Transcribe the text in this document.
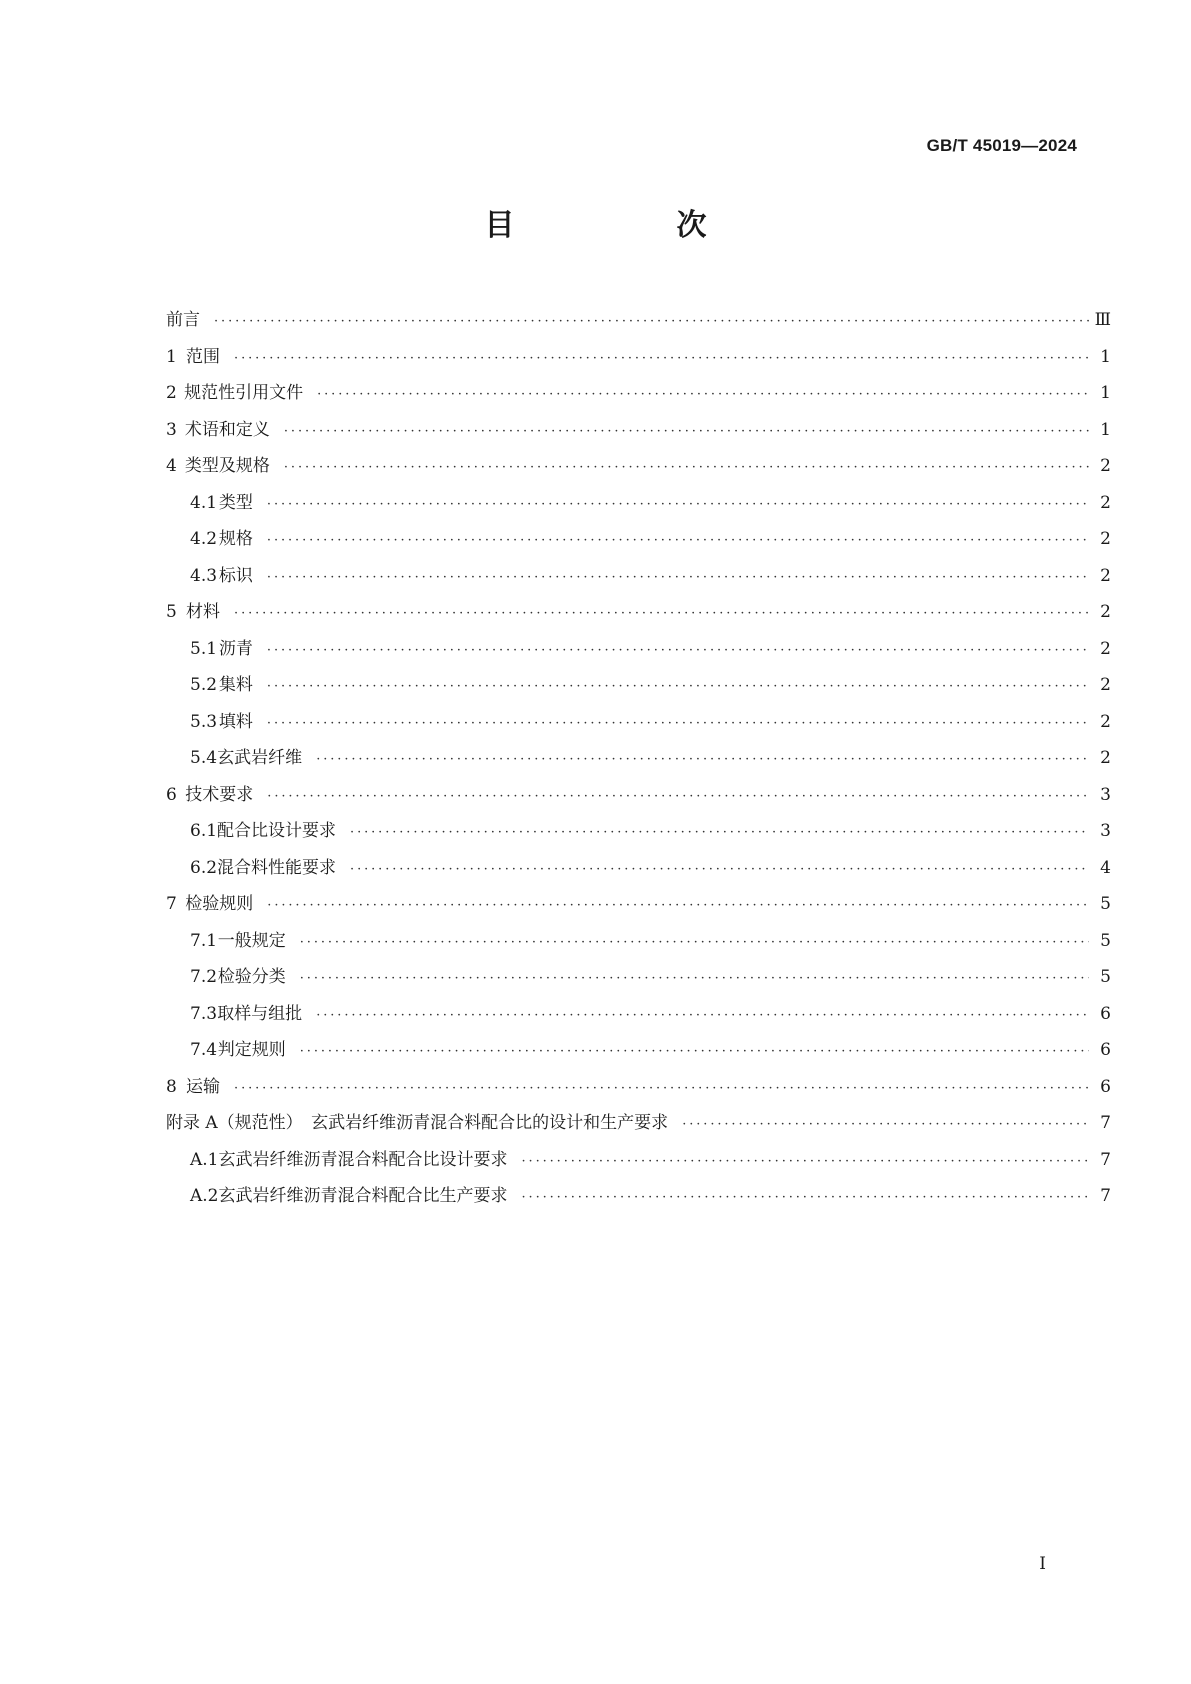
GB/T 45019—2024
目　次
前言 ·····	Ⅲ
1 范围 ·····	1
2 规范性引用文件 ·····	1
3 术语和定义 ·····	1
4 类型及规格 ·····	2
4.1 类型 ·····	2
4.2 规格 ·····	2
4.3 标识 ·····	2
5 材料 ·····	2
5.1 沥青 ·····	2
5.2 集料 ·····	2
5.3 填料 ·····	2
5.4 玄武岩纤维 ·····	2
6 技术要求 ·····	3
6.1 配合比设计要求 ·····	3
6.2 混合料性能要求 ·····	4
7 检验规则 ·····	5
7.1 一般规定 ·····	5
7.2 检验分类 ·····	5
7.3 取样与组批 ·····	6
7.4 判定规则 ·····	6
8 运输 ·····	6
附录 A（规范性）　玄武岩纤维沥青混合料配合比的设计和生产要求 ·····	7
A.1 玄武岩纤维沥青混合料配合比设计要求 ·····	7
A.2 玄武岩纤维沥青混合料配合比生产要求 ·····	7
I
